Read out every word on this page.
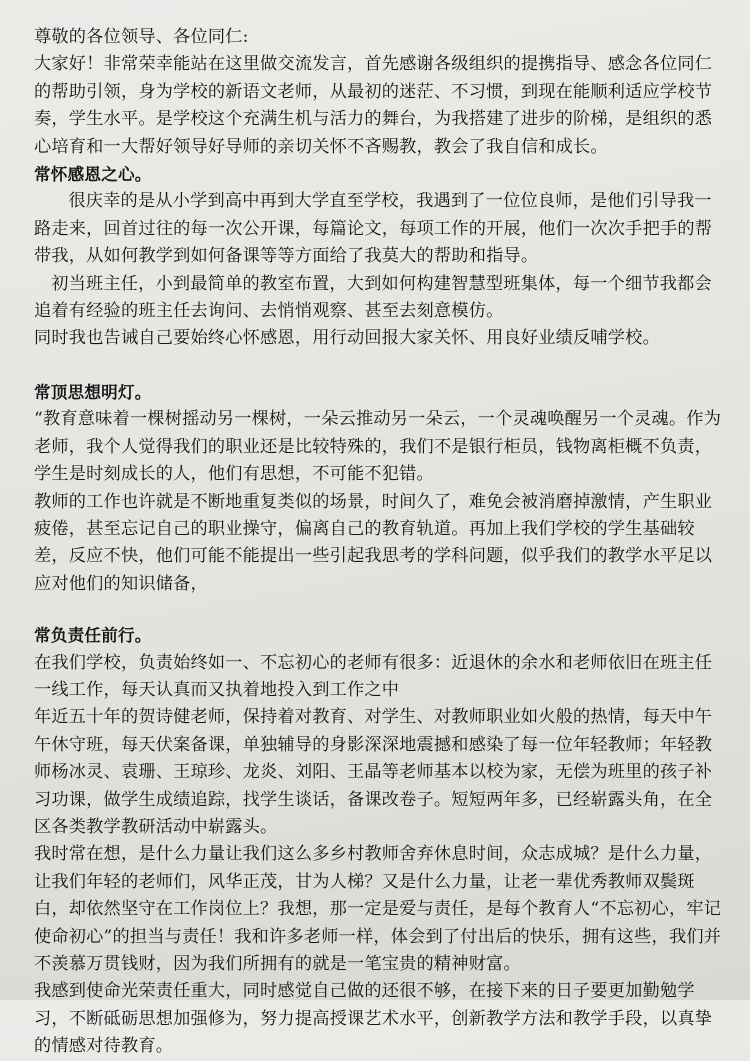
尊敬的各位领导、各位同仁:

大家好！非常荣幸能站在这里做交流发言，首先感谢各级组织的提携指导、感念各位同仁的帮助引领，身为学校的新语文老师，从最初的迷茫、不习惯，到现在能顺利适应学校节奏，学生水平。是学校这个充满生机与活力的舞台，为我搭建了进步的阶梯，是组织的悉心培育和一大帮好领导好导师的亲切关怀不吝赐教，教会了我自信和成长。

常怀感恩之心。

很庆幸的是从小学到高中再到大学直至学校，我遇到了一位位良师，是他们引导我一路走来，回首过往的每一次公开课，每篇论文，每项工作的开展，他们一次次手把手的帮带我，从如何教学到如何备课等等方面给了我莫大的帮助和指导。

初当班主任，小到最简单的教室布置，大到如何构建智慧型班集体，每一个细节我都会追着有经验的班主任去询问、去悄悄观察、甚至去刻意模仿。

同时我也告诫自己要始终心怀感恩，用行动回报大家关怀、用良好业绩反哺学校。

常顶思想明灯。

“教育意味着一棵树摇动另一棵树，一朵云推动另一朵云，一个灵魂唤醒另一个灵魂。作为老师，我个人觉得我们的职业还是比较特殊的，我们不是银行柜员，钱物离柜概不负责，学生是时刻成长的人，他们有思想，不可能不犯错。

教师的工作也许就是不断地重复类似的场景，时间久了，难免会被消磨掉激情，产生职业疲倦，甚至忘记自己的职业操守，偏离自己的教育轨道。再加上我们学校的学生基础较差，反应不快，他们可能不能提出一些引起我思考的学科问题，似乎我们的教学水平足以应对他们的知识储备，

常负责任前行。

在我们学校，负责始终如一、不忘初心的老师有很多：近退休的余水和老师依旧在班主任一线工作，每天认真而又执着地投入到工作之中

年近五十年的贺诗健老师，保持着对教育、对学生、对教师职业如火般的热情，每天中午午休守班，每天伏案备课，单独辅导的身影深深地震撼和感染了每一位年轻教师；年轻教师杨冰灵、袁珊、王琼珍、龙炎、刘阳、王晶等老师基本以校为家，无偿为班里的孩子补习功课，做学生成绩追踪，找学生谈话，备课改卷子。短短两年多，已经崭露头角，在全区各类教学教研活动中崭露头。

我时常在想，是什么力量让我们这么多乡村教师舍弃休息时间，众志成城？是什么力量，让我们年轻的老师们，风华正茂，甘为人梯？又是什么力量，让老一辈优秀教师双鬓斑白，却依然坚守在工作岗位上？我想，那一定是爱与责任，是每个教育人“不忘初心，牢记使命初心”的担当与责任！我和许多老师一样，体会到了付出后的快乐，拥有这些，我们并不羡慕万贯钱财，因为我们所拥有的就是一笔宝贵的精神财富。

我感到使命光荣责任重大，同时感觉自己做的还很不够，在接下来的日子要更加勤勉学习，不断砥砺思想加强修为，努力提高授课艺术水平，创新教学方法和教学手段，以真挚的情感对待教育。
